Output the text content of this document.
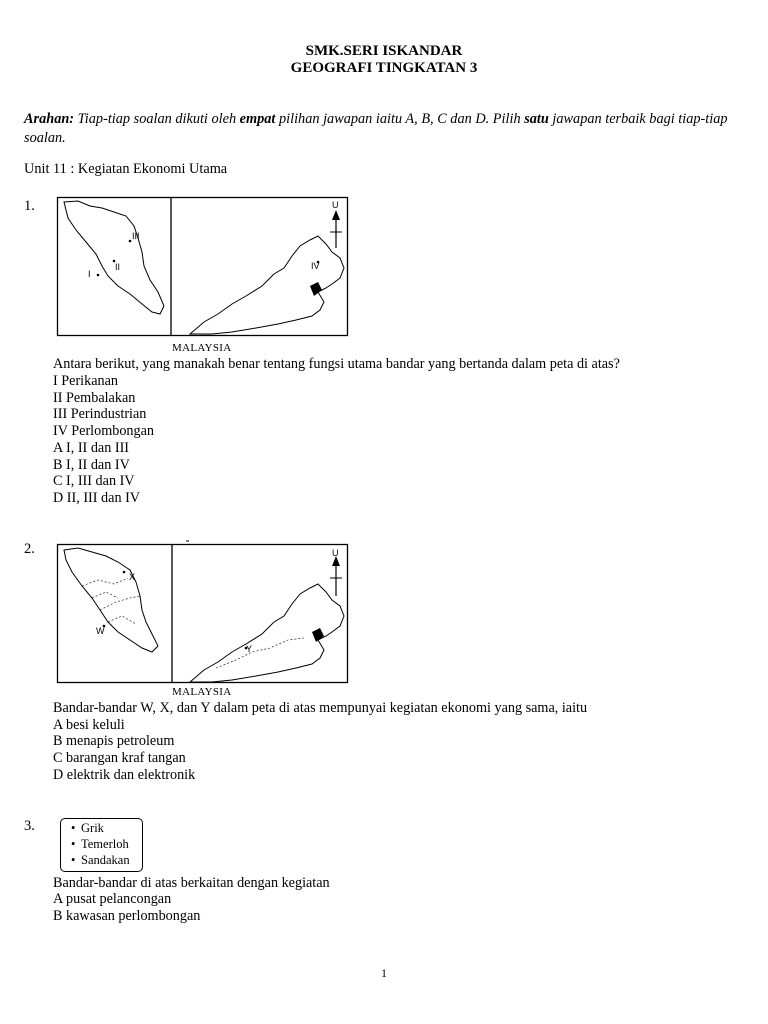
SMK.SERI ISKANDAR
GEOGRAFI TINGKATAN 3
Arahan: Tiap-tiap soalan dikuti oleh empat pilihan jawapan iaitu A, B, C dan D. Pilih satu jawapan terbaik bagi tiap-tiap soalan.
Unit 11 : Kegiatan Ekonomi Utama
1.	U
I
II
III
IV
MALAYSIA
Antara berikut, yang manakah benar tentang fungsi utama bandar yang bertanda dalam peta di atas?
I Perikanan
II Pembalakan
III Perindustrian
IV Perlombongan
A I, II dan III
B I, II dan IV
C I, III dan IV
D II, III dan IV
2.	U
X
W
Y
MALAYSIA
Bandar-bandar W, X, dan Y dalam peta di atas mempunyai kegiatan ekonomi yang sama, iaitu
A besi keluli
B menapis petroleum
C barangan kraf tangan
D elektrik dan elektronik
3.	• Grik
• Temerloh
• Sandakan
Bandar-bandar di atas berkaitan dengan kegiatan
A pusat pelancongan
B kawasan perlombongan
1
